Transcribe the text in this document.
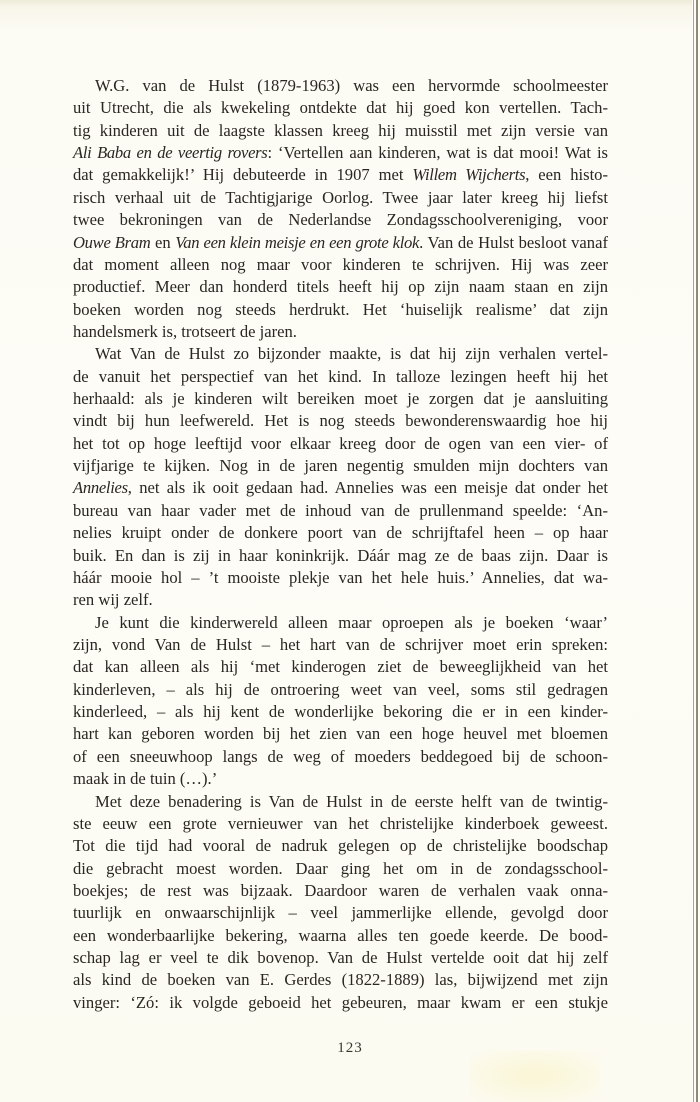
W.G. van de Hulst (1879-1963) was een hervormde schoolmeester
uit Utrecht, die als kwekeling ontdekte dat hij goed kon vertellen. Tach-
tig kinderen uit de laagste klassen kreeg hij muisstil met zijn versie van
Ali Baba en de veertig rovers: ‘Vertellen aan kinderen, wat is dat mooi! Wat is
dat gemakkelijk!’ Hij debuteerde in 1907 met Willem Wijcherts, een histo-
risch verhaal uit de Tachtigjarige Oorlog. Twee jaar later kreeg hij liefst
twee bekroningen van de Nederlandse Zondagsschoolvereniging, voor
Ouwe Bram en Van een klein meisje en een grote klok. Van de Hulst besloot vanaf
dat moment alleen nog maar voor kinderen te schrijven. Hij was zeer
productief. Meer dan honderd titels heeft hij op zijn naam staan en zijn
boeken worden nog steeds herdrukt. Het ‘huiselijk realisme’ dat zijn
handelsmerk is, trotseert de jaren.
Wat Van de Hulst zo bijzonder maakte, is dat hij zijn verhalen vertel-
de vanuit het perspectief van het kind. In talloze lezingen heeft hij het
herhaald: als je kinderen wilt bereiken moet je zorgen dat je aansluiting
vindt bij hun leefwereld. Het is nog steeds bewonderenswaardig hoe hij
het tot op hoge leeftijd voor elkaar kreeg door de ogen van een vier- of
vijfjarige te kijken. Nog in de jaren negentig smulden mijn dochters van
Annelies, net als ik ooit gedaan had. Annelies was een meisje dat onder het
bureau van haar vader met de inhoud van de prullenmand speelde: ‘An-
nelies kruipt onder de donkere poort van de schrijftafel heen – op haar
buik. En dan is zij in haar koninkrijk. Dáár mag ze de baas zijn. Daar is
háár mooie hol – ’t mooiste plekje van het hele huis.’ Annelies, dat wa-
ren wij zelf.
Je kunt die kinderwereld alleen maar oproepen als je boeken ‘waar’
zijn, vond Van de Hulst – het hart van de schrijver moet erin spreken:
dat kan alleen als hij ‘met kinderogen ziet de beweeglijkheid van het
kinderleven, – als hij de ontroering weet van veel, soms stil gedragen
kinderleed, – als hij kent de wonderlijke bekoring die er in een kinder-
hart kan geboren worden bij het zien van een hoge heuvel met bloemen
of een sneeuwhoop langs de weg of moeders beddegoed bij de schoon-
maak in de tuin (…).’
Met deze benadering is Van de Hulst in de eerste helft van de twintig-
ste eeuw een grote vernieuwer van het christelijke kinderboek geweest.
Tot die tijd had vooral de nadruk gelegen op de christelijke boodschap
die gebracht moest worden. Daar ging het om in de zondagsschool-
boekjes; de rest was bijzaak. Daardoor waren de verhalen vaak onna-
tuurlijk en onwaarschijnlijk – veel jammerlijke ellende, gevolgd door
een wonderbaarlijke bekering, waarna alles ten goede keerde. De bood-
schap lag er veel te dik bovenop. Van de Hulst vertelde ooit dat hij zelf
als kind de boeken van E. Gerdes (1822-1889) las, bijwijzend met zijn
vinger: ‘Zó: ik volgde geboeid het gebeuren, maar kwam er een stukje
123
